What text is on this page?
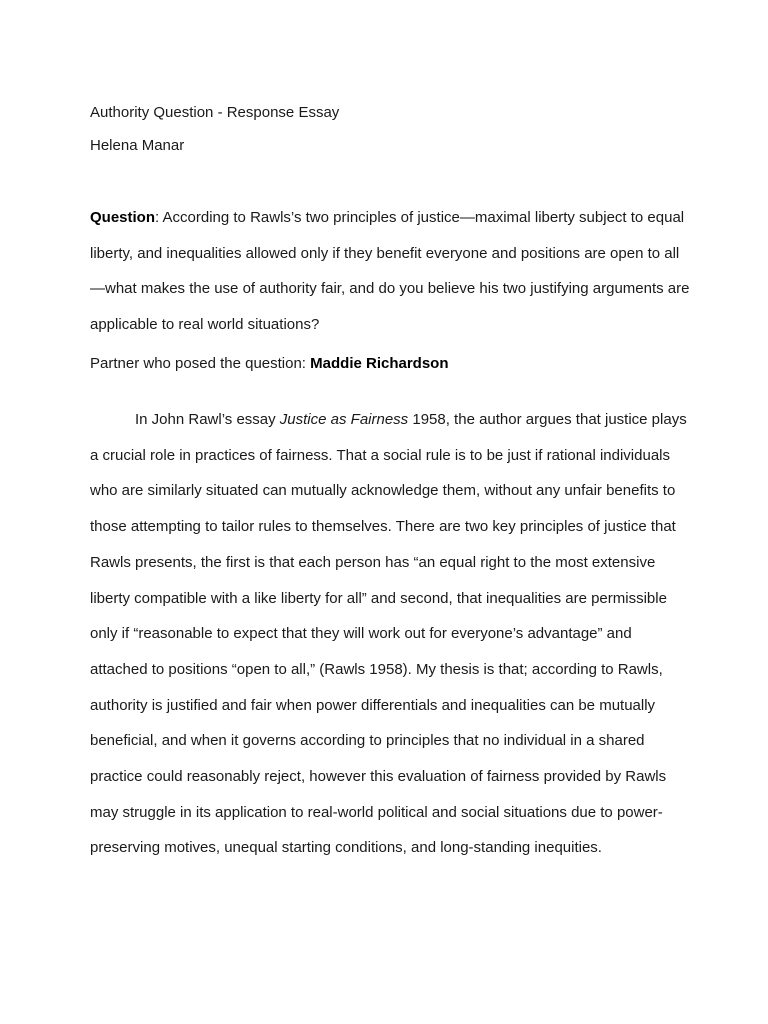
Authority Question - Response Essay
Helena Manar
Question: According to Rawls’s two principles of justice—maximal liberty subject to equal liberty, and inequalities allowed only if they benefit everyone and positions are open to all—what makes the use of authority fair, and do you believe his two justifying arguments are applicable to real world situations?
Partner who posed the question: Maddie Richardson
In John Rawl’s essay Justice as Fairness 1958, the author argues that justice plays a crucial role in practices of fairness. That a social rule is to be just if rational individuals who are similarly situated can mutually acknowledge them, without any unfair benefits to those attempting to tailor rules to themselves. There are two key principles of justice that Rawls presents, the first is that each person has “an equal right to the most extensive liberty compatible with a like liberty for all” and second, that inequalities are permissible only if “reasonable to expect that they will work out for everyone’s advantage” and attached to positions “open to all,” (Rawls 1958). My thesis is that; according to Rawls, authority is justified and fair when power differentials and inequalities can be mutually beneficial, and when it governs according to principles that no individual in a shared practice could reasonably reject, however this evaluation of fairness provided by Rawls may struggle in its application to real-world political and social situations due to power-preserving motives, unequal starting conditions, and long-standing inequities.
